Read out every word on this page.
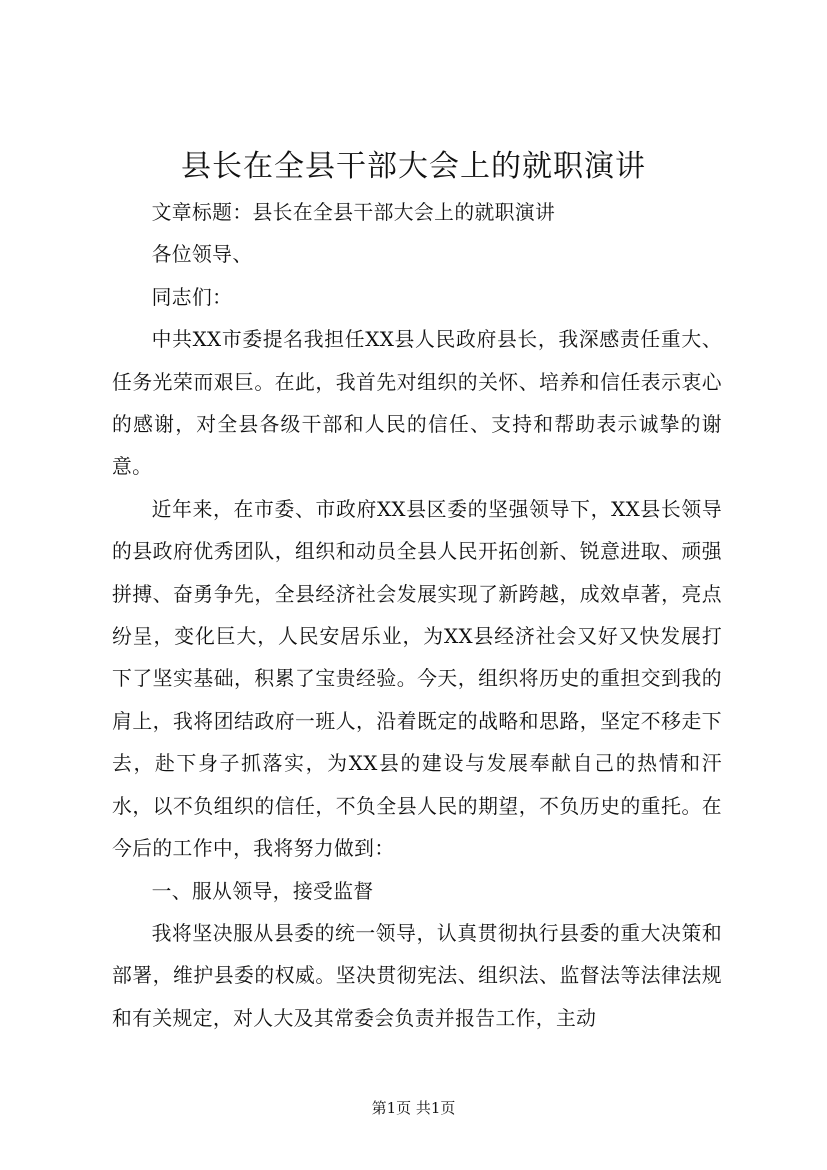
县长在全县干部大会上的就职演讲

文章标题：县长在全县干部大会上的就职演讲

各位领导、

同志们：

中共XX市委提名我担任XX县人民政府县长，我深感责任重大、任务光荣而艰巨。在此，我首先对组织的关怀、培养和信任表示衷心的感谢，对全县各级干部和人民的信任、支持和帮助表示诚挚的谢意。

近年来，在市委、市政府XX县区委的坚强领导下，XX县长领导的县政府优秀团队，组织和动员全县人民开拓创新、锐意进取、顽强拼搏、奋勇争先，全县经济社会发展实现了新跨越，成效卓著，亮点纷呈，变化巨大，人民安居乐业，为XX县经济社会又好又快发展打下了坚实基础，积累了宝贵经验。今天，组织将历史的重担交到我的肩上，我将团结政府一班人，沿着既定的战略和思路，坚定不移走下去，赴下身子抓落实，为XX县的建设与发展奉献自己的热情和汗水，以不负组织的信任，不负全县人民的期望，不负历史的重托。在今后的工作中，我将努力做到：

一、服从领导，接受监督

我将坚决服从县委的统一领导，认真贯彻执行县委的重大决策和部署，维护县委的权威。坚决贯彻宪法、组织法、监督法等法律法规和有关规定，对人大及其常委会负责并报告工作，主动

第1页 共1页
